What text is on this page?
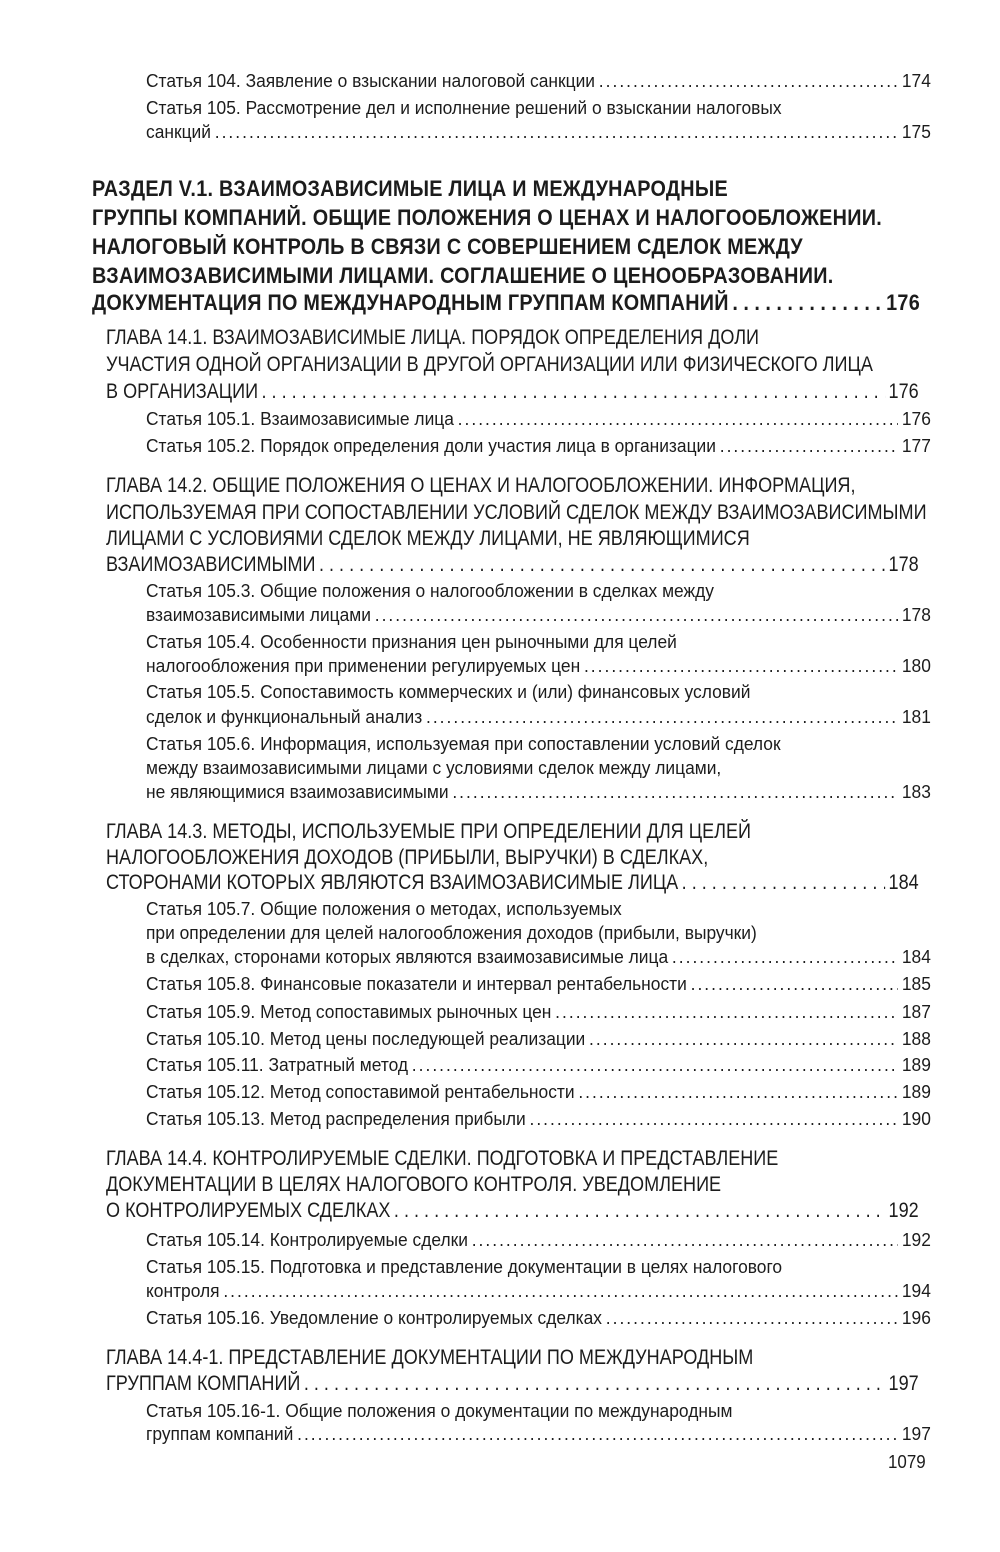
Статья 104. Заявление о взыскании налоговой санкции . . .	174
Статья 105. Рассмотрение дел и исполнение решений о взыскании налоговых
санкций . . .	175
РАЗДЕЛ V.1. ВЗАИМОЗАВИСИМЫЕ ЛИЦА И МЕЖДУНАРОДНЫЕ
ГРУППЫ КОМПАНИЙ. ОБЩИЕ ПОЛОЖЕНИЯ О ЦЕНАХ И НАЛОГООБЛОЖЕНИИ.
НАЛОГОВЫЙ КОНТРОЛЬ В СВЯЗИ С СОВЕРШЕНИЕМ СДЕЛОК МЕЖДУ
ВЗАИМОЗАВИСИМЫМИ ЛИЦАМИ. СОГЛАШЕНИЕ О ЦЕНООБРАЗОВАНИИ.
ДОКУМЕНТАЦИЯ ПО МЕЖДУНАРОДНЫМ ГРУППАМ КОМПАНИЙ . . .	176
ГЛАВА 14.1. ВЗАИМОЗАВИСИМЫЕ ЛИЦА. ПОРЯДОК ОПРЕДЕЛЕНИЯ ДОЛИ
УЧАСТИЯ ОДНОЙ ОРГАНИЗАЦИИ В ДРУГОЙ ОРГАНИЗАЦИИ ИЛИ ФИЗИЧЕСКОГО ЛИЦА
В ОРГАНИЗАЦИИ . . .	176
Статья 105.1. Взаимозависимые лица . . .	176
Статья 105.2. Порядок определения доли участия лица в организации . . .	177
ГЛАВА 14.2. ОБЩИЕ ПОЛОЖЕНИЯ О ЦЕНАХ И НАЛОГООБЛОЖЕНИИ. ИНФОРМАЦИЯ,
ИСПОЛЬЗУЕМАЯ ПРИ СОПОСТАВЛЕНИИ УСЛОВИЙ СДЕЛОК МЕЖДУ ВЗАИМОЗАВИСИМЫМИ
ЛИЦАМИ С УСЛОВИЯМИ СДЕЛОК МЕЖДУ ЛИЦАМИ, НЕ ЯВЛЯЮЩИМИСЯ
ВЗАИМОЗАВИСИМЫМИ . . .	178
Статья 105.3. Общие положения о налогообложении в сделках между
взаимозависимыми лицами . . .	178
Статья 105.4. Особенности признания цен рыночными для целей
налогообложения при применении регулируемых цен . . .	180
Статья 105.5. Сопоставимость коммерческих и (или) финансовых условий
сделок и функциональный анализ . . .	181
Статья 105.6. Информация, используемая при сопоставлении условий сделок
между взаимозависимыми лицами с условиями сделок между лицами,
не являющимися взаимозависимыми . . .	183
ГЛАВА 14.3. МЕТОДЫ, ИСПОЛЬЗУЕМЫЕ ПРИ ОПРЕДЕЛЕНИИ ДЛЯ ЦЕЛЕЙ
НАЛОГООБЛОЖЕНИЯ ДОХОДОВ (ПРИБЫЛИ, ВЫРУЧКИ) В СДЕЛКАХ,
СТОРОНАМИ КОТОРЫХ ЯВЛЯЮТСЯ ВЗАИМОЗАВИСИМЫЕ ЛИЦА . . .	184
Статья 105.7. Общие положения о методах, используемых
при определении для целей налогообложения доходов (прибыли, выручки)
в сделках, сторонами которых являются взаимозависимые лица . . .	184
Статья 105.8. Финансовые показатели и интервал рентабельности . . .	185
Статья 105.9. Метод сопоставимых рыночных цен . . .	187
Статья 105.10. Метод цены последующей реализации . . .	188
Статья 105.11. Затратный метод . . .	189
Статья 105.12. Метод сопоставимой рентабельности . . .	189
Статья 105.13. Метод распределения прибыли . . .	190
ГЛАВА 14.4. КОНТРОЛИРУЕМЫЕ СДЕЛКИ. ПОДГОТОВКА И ПРЕДСТАВЛЕНИЕ
ДОКУМЕНТАЦИИ В ЦЕЛЯХ НАЛОГОВОГО КОНТРОЛЯ. УВЕДОМЛЕНИЕ
О КОНТРОЛИРУЕМЫХ СДЕЛКАХ . . .	192
Статья 105.14. Контролируемые сделки . . .	192
Статья 105.15. Подготовка и представление документации в целях налогового
контроля . . .	194
Статья 105.16. Уведомление о контролируемых сделках . . .	196
ГЛАВА 14.4-1. ПРЕДСТАВЛЕНИЕ ДОКУМЕНТАЦИИ ПО МЕЖДУНАРОДНЫМ
ГРУППАМ КОМПАНИЙ . . .	197
Статья 105.16-1. Общие положения о документации по международным
группам компаний . . .	197
1079
